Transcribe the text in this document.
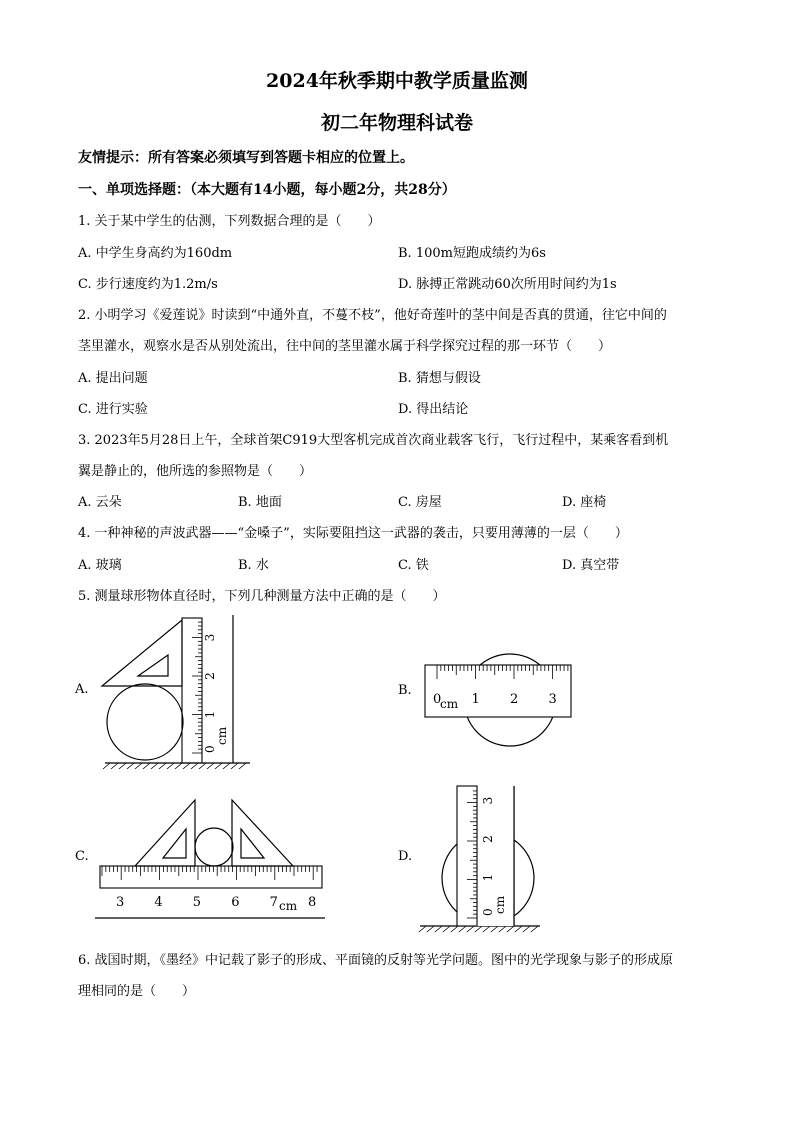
2024年秋季期中教学质量监测
初二年物理科试卷
友情提示：所有答案必须填写到答题卡相应的位置上。
一、单项选择题：（本大题有14小题，每小题2分，共28分）
1. 关于某中学生的估测，下列数据合理的是（　　）
A. 中学生身高约为160dm	B. 100m短跑成绩约为6s
C. 步行速度约为1.2m/s	D. 脉搏正常跳动60次所用时间约为1s
2. 小明学习《爱莲说》时读到“中通外直，不蔓不枝”，他好奇莲叶的茎中间是否真的贯通，往它中间的
茎里灌水，观察水是否从别处流出，往中间的茎里灌水属于科学探究过程的那一环节（　　）
A. 提出问题	B. 猜想与假设
C. 进行实验	D. 得出结论
3. 2023年5月28日上午，全球首架C919大型客机完成首次商业载客飞行，飞行过程中，某乘客看到机
翼是静止的，他所选的参照物是（　　）
A. 云朵	B. 地面	C. 房屋	D. 座椅
4. 一种神秘的声波武器——“金嗓子”，实际要阻挡这一武器的袭击，只要用薄薄的一层（　　）
A. 玻璃	B. 水	C. 铁	D. 真空带
5. 测量球形物体直径时，下列几种测量方法中正确的是（　　）
A.	B.
C.	D.
0
1
2
3
cm
0 1 2 3
cm
3 4 5 6 7 8
cm	0
1
2
3
cm
6. 战国时期，《墨经》中记载了影子的形成、平面镜的反射等光学问题。图中的光学现象与影子的形成原
理相同的是（　　）
